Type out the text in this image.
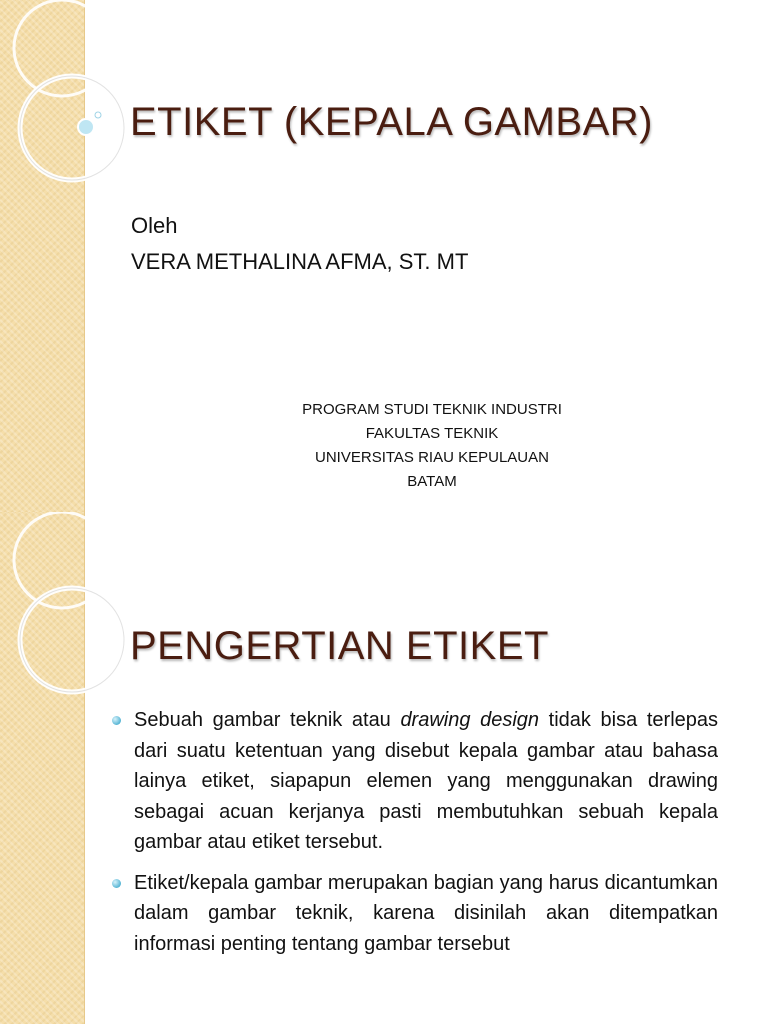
ETIKET (KEPALA GAMBAR)
Oleh
VERA METHALINA AFMA, ST. MT
PROGRAM STUDI TEKNIK INDUSTRI
FAKULTAS TEKNIK
UNIVERSITAS RIAU KEPULAUAN
BATAM
PENGERTIAN ETIKET
Sebuah gambar teknik atau drawing design tidak bisa terlepas dari suatu ketentuan yang disebut kepala gambar atau bahasa lainya etiket, siapapun elemen yang menggunakan drawing sebagai acuan kerjanya pasti membutuhkan sebuah kepala gambar atau etiket tersebut.
Etiket/kepala gambar merupakan bagian yang harus dicantumkan dalam gambar teknik, karena disinilah akan ditempatkan informasi penting tentang gambar tersebut
